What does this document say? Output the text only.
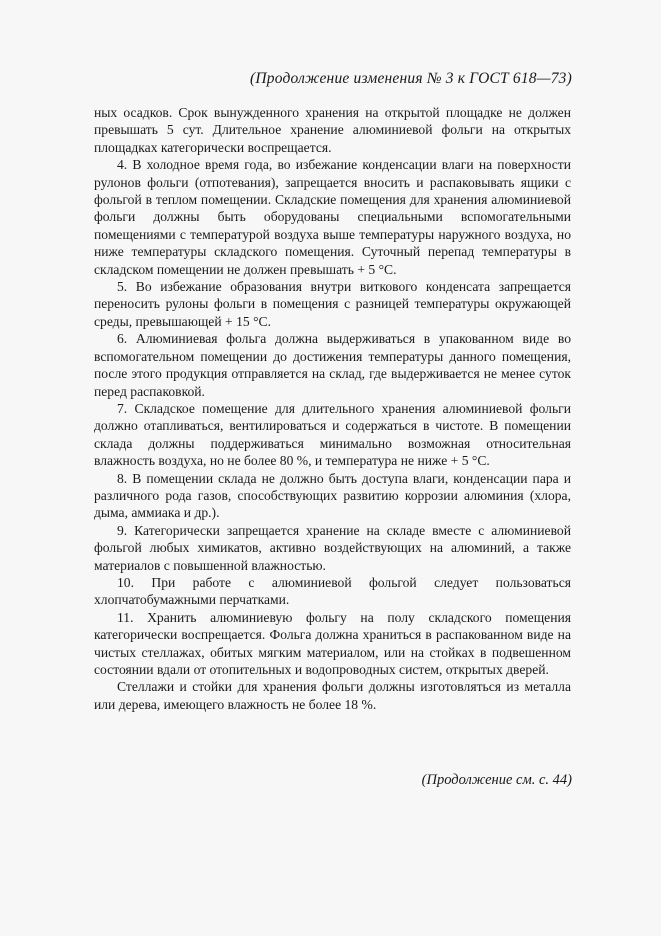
(Продолжение изменения № 3 к ГОСТ 618—73)

ных осадков. Срок вынужденного хранения на открытой площадке не должен превышать 5 сут. Длительное хранение алюминиевой фольги на открытых площадках категорически воспрещается.

4. В холодное время года, во избежание конденсации влаги на поверхности рулонов фольги (отпотевания), запрещается вносить и распаковывать ящики с фольгой в теплом помещении. Складские помещения для хранения алюминиевой фольги должны быть оборудованы специальными вспомогательными помещениями с температурой воздуха выше температуры наружного воздуха, но ниже температуры складского помещения. Суточный перепад температуры в складском помещении не должен превышать + 5 °С.

5. Во избежание образования внутри виткового конденсата запрещается переносить рулоны фольги в помещения с разницей температуры окружающей среды, превышающей + 15 °С.

6. Алюминиевая фольга должна выдерживаться в упакованном виде во вспомогательном помещении до достижения температуры данного помещения, после этого продукция отправляется на склад, где выдерживается не менее суток перед распаковкой.

7. Складское помещение для длительного хранения алюминиевой фольги должно отапливаться, вентилироваться и содержаться в чистоте. В помещении склада должны поддерживаться минимально возможная относительная влажность воздуха, но не более 80 %, и температура не ниже + 5 °С.

8. В помещении склада не должно быть доступа влаги, конденсации пара и различного рода газов, способствующих развитию коррозии алюминия (хлора, дыма, аммиака и др.).

9. Категорически запрещается хранение на складе вместе с алюминиевой фольгой любых химикатов, активно воздействующих на алюминий, а также материалов с повышенной влажностью.

10. При работе с алюминиевой фольгой следует пользоваться хлопчатобумажными перчатками.

11. Хранить алюминиевую фольгу на полу складского помещения категорически воспрещается. Фольга должна храниться в распакованном виде на чистых стеллажах, обитых мягким материалом, или на стойках в подвешенном состоянии вдали от отопительных и водопроводных систем, открытых дверей.

Стеллажи и стойки для хранения фольги должны изготовляться из металла или дерева, имеющего влажность не более 18 %.

(Продолжение см. с. 44)
